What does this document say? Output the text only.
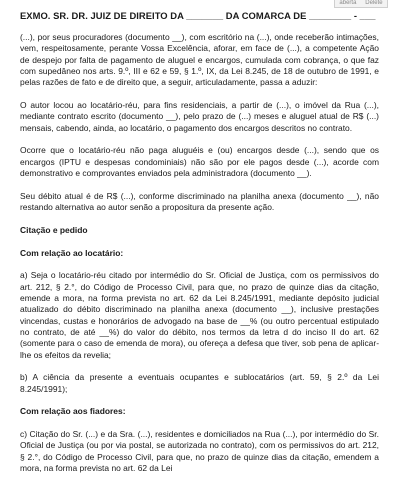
aberta Delete
EXMO. SR. DR. JUIZ DE DIREITO DA _______ DA COMARCA DE ________ - ___

(...), por seus procuradores (documento __), com escritório na (...), onde receberão intimações, vem, respeitosamente, perante Vossa Excelência, aforar, em face de (...), a competente Ação de despejo por falta de pagamento de aluguel e encargos, cumulada com cobrança, o que faz com supedâneo nos arts. 9.º, III e 62 e 59, § 1.º, IX, da Lei 8.245, de 18 de outubro de 1991, e pelas razões de fato e de direito que, a seguir, articuladamente, passa a aduzir:

O autor locou ao locatário-réu, para fins residenciais, a partir de (...), o imóvel da Rua (...), mediante contrato escrito (documento __), pelo prazo de (...) meses e aluguel atual de R$ (...) mensais, cabendo, ainda, ao locatário, o pagamento dos encargos descritos no contrato.

Ocorre que o locatário-réu não paga aluguéis e (ou) encargos desde (...), sendo que os encargos (IPTU e despesas condominiais) não são por ele pagos desde (...), acorde com demonstrativo e comprovantes enviados pela administradora (documento __).

Seu débito atual é de R$ (...), conforme discriminado na planilha anexa (documento __), não restando alternativa ao autor senão a propositura da presente ação.

Citação e pedido

Com relação ao locatário:

a) Seja o locatário-réu citado por intermédio do Sr. Oficial de Justiça, com os permissivos do art. 212, § 2.°, do Código de Processo Civil, para que, no prazo de quinze dias da citação, emende a mora, na forma prevista no art. 62 da Lei 8.245/1991, mediante depósito judicial atualizado do débito discriminado na planilha anexa (documento __), inclusive prestações vincendas, custas e honorários de advogado na base de __% (ou outro percentual estipulado no contrato, de até __%) do valor do débito, nos termos da letra d do inciso II do art. 62 (somente para o caso de emenda de mora), ou ofereça a defesa que tiver, sob pena de aplicar-lhe os efeitos da revelia;

b) A ciência da presente a eventuais ocupantes e sublocatários (art. 59, § 2.º da Lei 8.245/1991);

Com relação aos fiadores:

c) Citação do Sr. (...) e da Sra. (...), residentes e domiciliados na Rua (...), por intermédio do Sr. Oficial de Justiça (ou por via postal, se autorizada no contrato), com os permissivos do art. 212, § 2.°, do Código de Processo Civil, para que, no prazo de quinze dias da citação, emendem a mora, na forma prevista no art. 62 da Lei
